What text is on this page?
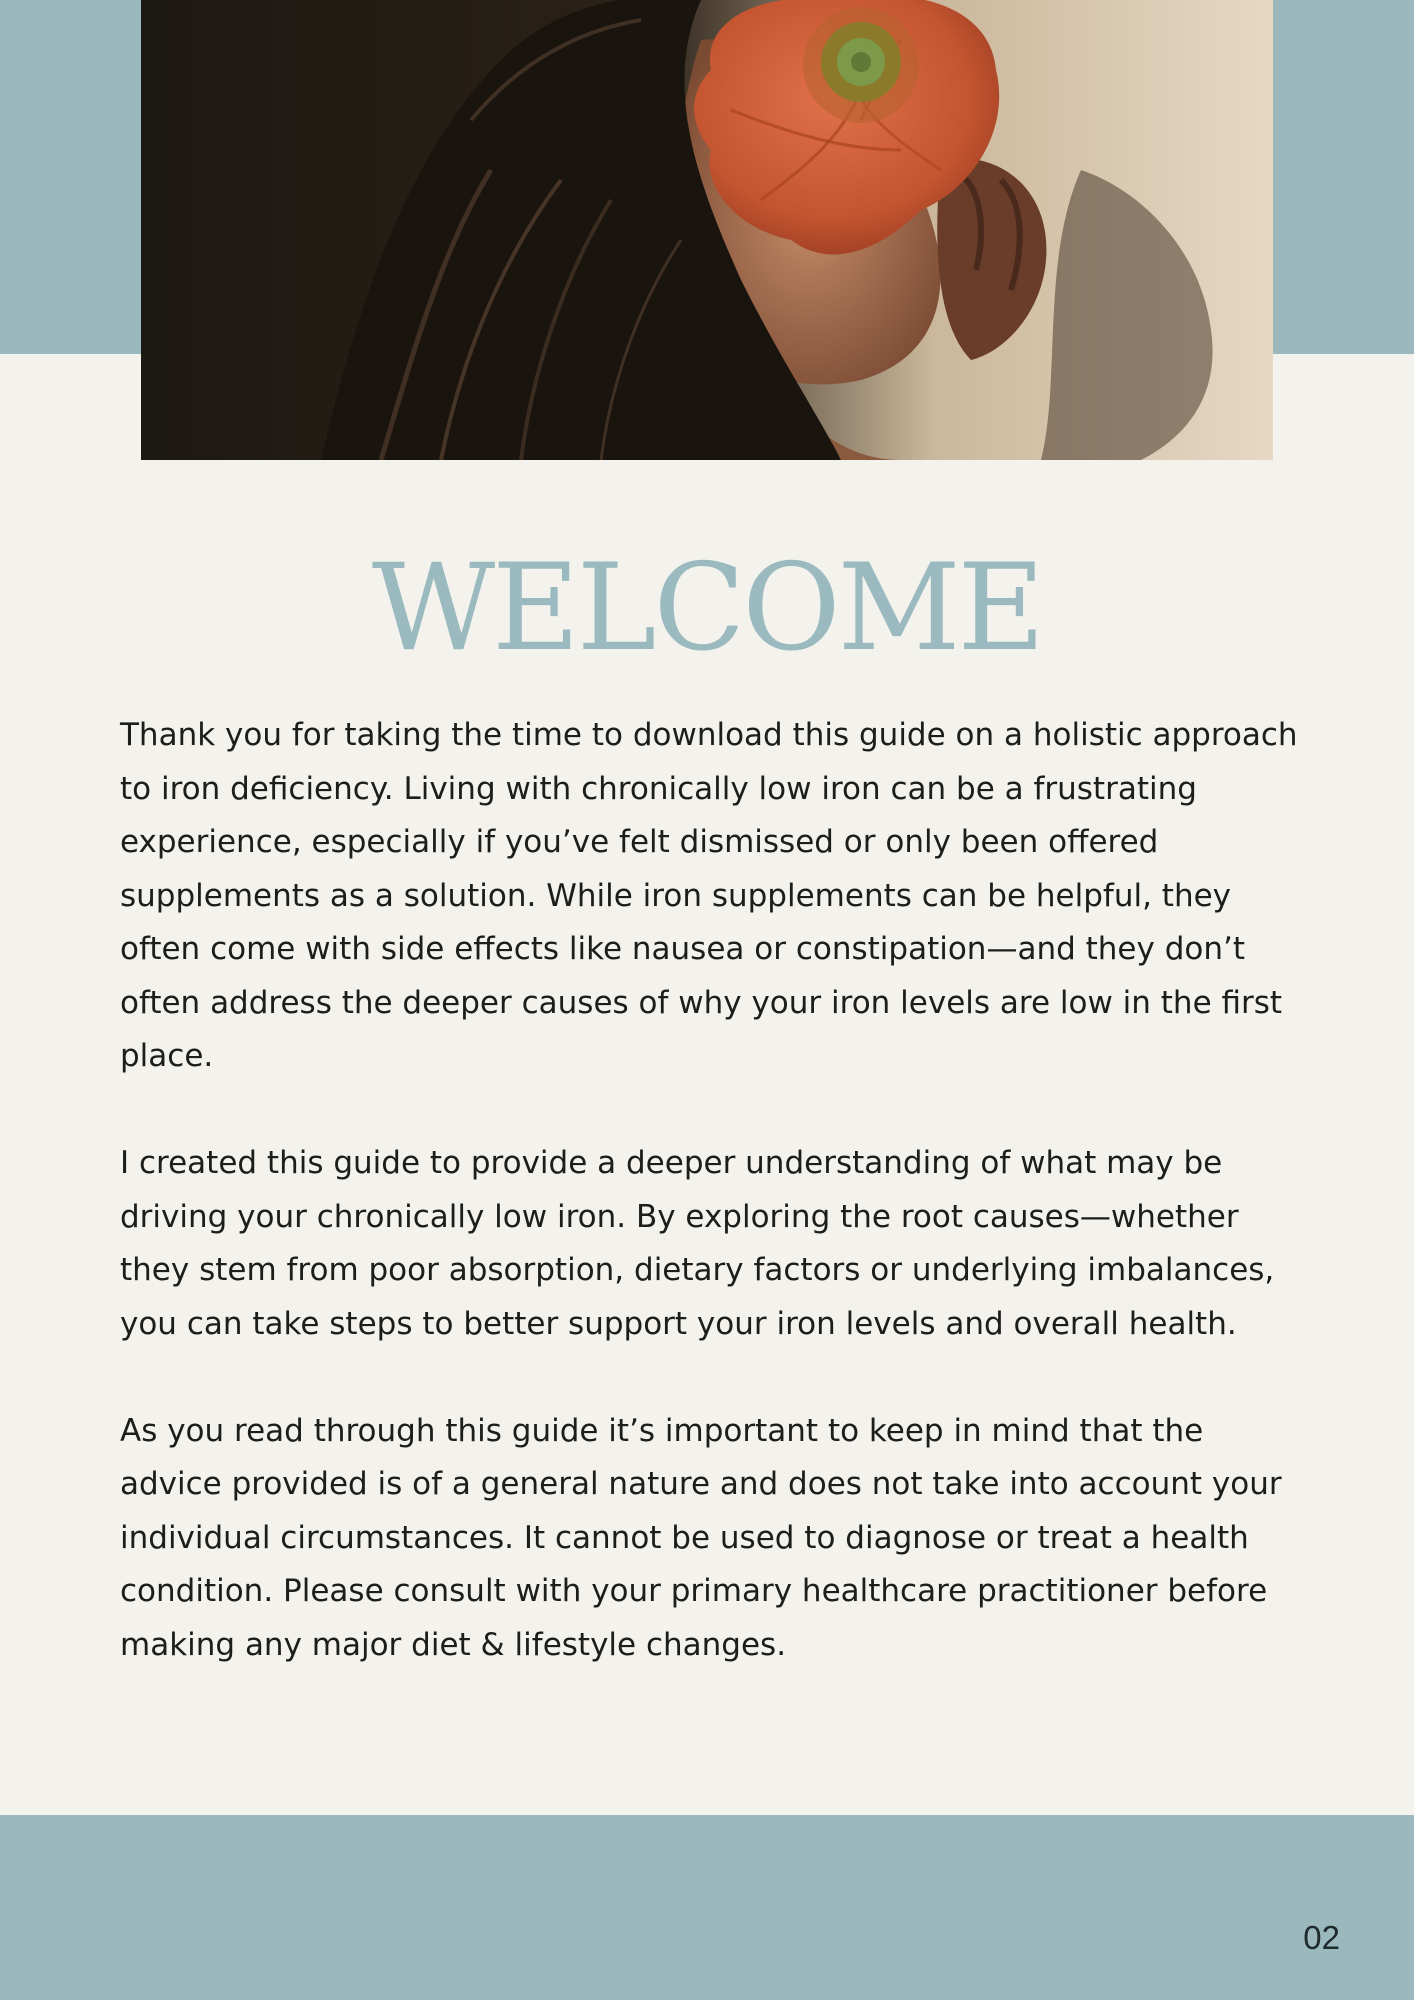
WELCOME

Thank you for taking the time to download this guide on a holistic approach to iron deficiency. Living with chronically low iron can be a frustrating experience, especially if you’ve felt dismissed or only been offered supplements as a solution. While iron supplements can be helpful, they often come with side effects like nausea or constipation—and they don’t often address the deeper causes of why your iron levels are low in the first place.

I created this guide to provide a deeper understanding of what may be driving your chronically low iron. By exploring the root causes—whether they stem from poor absorption, dietary factors or underlying imbalances, you can take steps to better support your iron levels and overall health.

As you read through this guide it’s important to keep in mind that the advice provided is of a general nature and does not take into account your individual circumstances. It cannot be used to diagnose or treat a health condition. Please consult with your primary healthcare practitioner before making any major diet & lifestyle changes.

02
